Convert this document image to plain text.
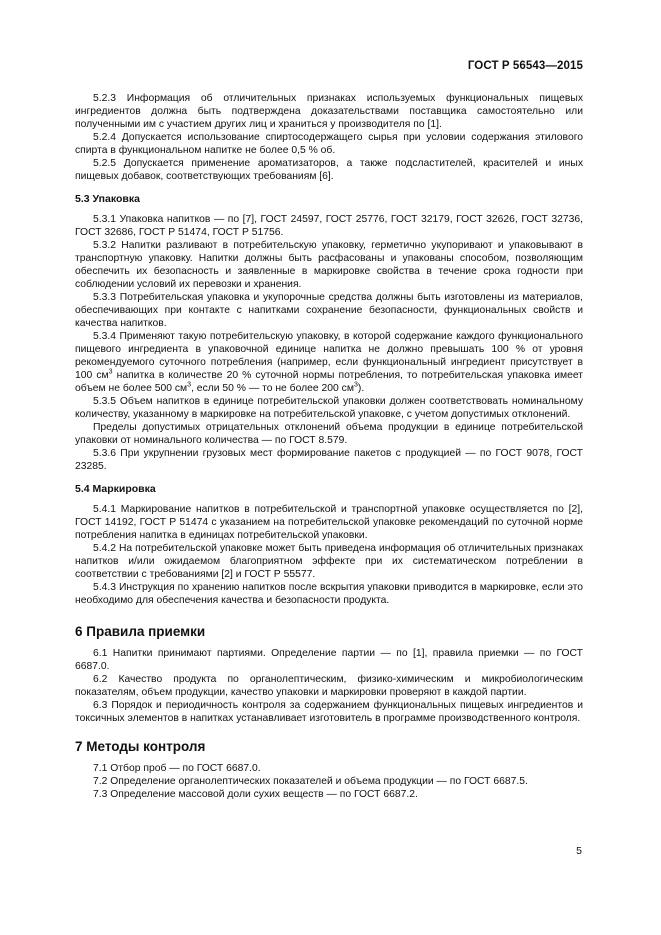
ГОСТ Р 56543—2015

5.2.3 Информация об отличительных признаках используемых функциональных пищевых ингредиентов должна быть подтверждена доказательствами поставщика самостоятельно или полученными им с участием других лиц и храниться у производителя по [1].

5.2.4 Допускается использование спиртосодержащего сырья при условии содержания этилового спирта в функциональном напитке не более 0,5 % об.

5.2.5 Допускается применение ароматизаторов, а также подсластителей, красителей и иных пищевых добавок, соответствующих требованиям [6].

5.3 Упаковка

5.3.1 Упаковка напитков — по [7], ГОСТ 24597, ГОСТ 25776, ГОСТ 32179, ГОСТ 32626, ГОСТ 32736, ГОСТ 32686, ГОСТ Р 51474, ГОСТ Р 51756.

5.3.2 Напитки разливают в потребительскую упаковку, герметично укупоривают и упаковывают в транспортную упаковку. Напитки должны быть расфасованы и упакованы способом, позволяющим обеспечить их безопасность и заявленные в маркировке свойства в течение срока годности при соблюдении условий их перевозки и хранения.

5.3.3 Потребительская упаковка и укупорочные средства должны быть изготовлены из материалов, обеспечивающих при контакте с напитками сохранение безопасности, функциональных свойств и качества напитков.

5.3.4 Применяют такую потребительскую упаковку, в которой содержание каждого функционального пищевого ингредиента в упаковочной единице напитка не должно превышать 100 % от уровня рекомендуемого суточного потребления (например, если функциональный ингредиент присутствует в 100 $см^3$ напитка в количестве 20 % суточной нормы потребления, то потребительская упаковка имеет объем не более 500 $см^3$, если 50 % — то не более 200 $см^3$).

5.3.5 Объем напитков в единице потребительской упаковки должен соответствовать номинальному количеству, указанному в маркировке на потребительской упаковке, с учетом допустимых отклонений.

Пределы допустимых отрицательных отклонений объема продукции в единице потребительской упаковки от номинального количества — по ГОСТ 8.579.

5.3.6 При укрупнении грузовых мест формирование пакетов с продукцией — по ГОСТ 9078, ГОСТ 23285.

5.4 Маркировка

5.4.1 Маркирование напитков в потребительской и транспортной упаковке осуществляется по [2], ГОСТ 14192, ГОСТ Р 51474 с указанием на потребительской упаковке рекомендаций по суточной норме потребления напитка в единицах потребительской упаковки.

5.4.2 На потребительской упаковке может быть приведена информация об отличительных признаках напитков и/или ожидаемом благоприятном эффекте при их систематическом потреблении в соответствии с требованиями [2] и ГОСТ Р 55577.

5.4.3 Инструкция по хранению напитков после вскрытия упаковки приводится в маркировке, если это необходимо для обеспечения качества и безопасности продукта.

6 Правила приемки

6.1 Напитки принимают партиями. Определение партии — по [1], правила приемки — по ГОСТ 6687.0.

6.2 Качество продукта по органолептическим, физико-химическим и микробиологическим показателям, объем продукции, качество упаковки и маркировки проверяют в каждой партии.

6.3 Порядок и периодичность контроля за содержанием функциональных пищевых ингредиентов и токсичных элементов в напитках устанавливает изготовитель в программе производственного контроля.

7 Методы контроля

7.1 Отбор проб — по ГОСТ 6687.0.

7.2 Определение органолептических показателей и объема продукции — по ГОСТ 6687.5.

7.3 Определение массовой доли сухих веществ — по ГОСТ 6687.2.

5
